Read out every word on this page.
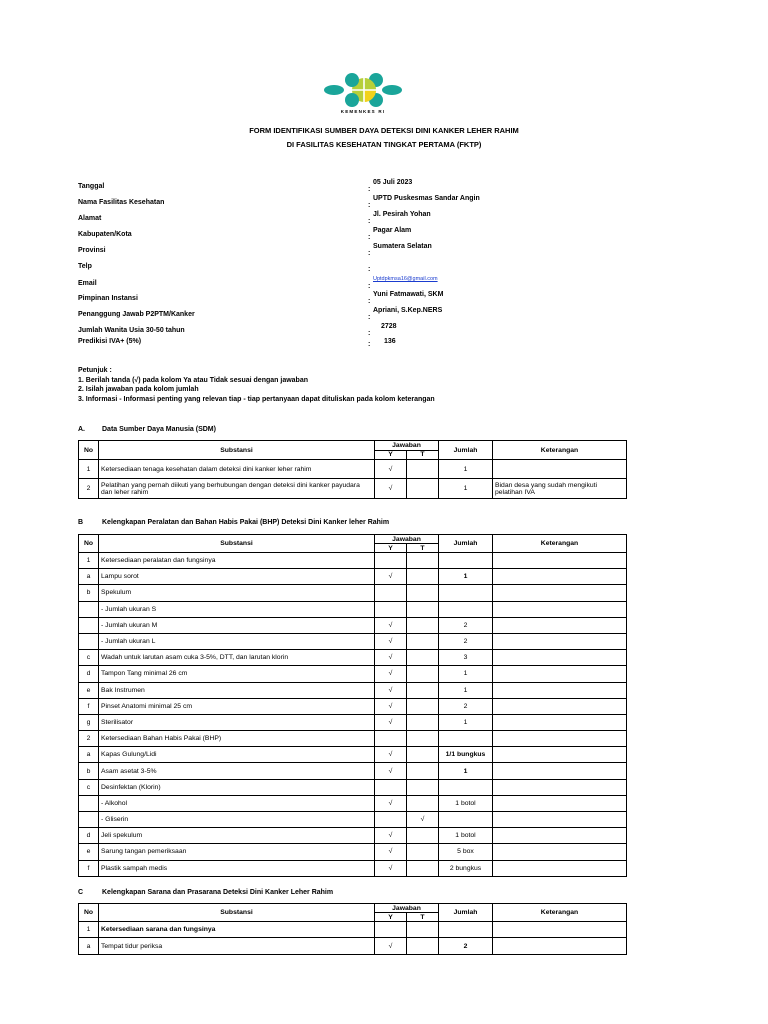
KEMENKES RI
FORM IDENTIFIKASI SUMBER DAYA DETEKSI DINI KANKER LEHER RAHIM
DI FASILITAS KESEHATAN TINGKAT PERTAMA (FKTP)
Tanggal	:
05 Juli 2023
Nama Fasilitas Kesehatan	:
UPTD Puskesmas Sandar Angin
Alamat	:
Jl. Pesirah Yohan
Kabupaten/Kota	:
Pagar Alam
Provinsi	:
Sumatera Selatan
Telp	:
Email	:
Uptdpkmsa16@gmail.com
Pimpinan Instansi	:
Yuni Fatmawati, SKM
Penanggung Jawab P2PTM/Kanker	:
Apriani, S.Kep.NERS
Jumlah Wanita Usia 30-50 tahun	:
2728
Predikisi IVA+ (5%)	: 136
Petunjuk :
1. Berilah tanda (√) pada kolom Ya atau Tidak sesuai dengan jawaban
2. Isilah jawaban pada kolom jumlah
3. Informasi - Informasi penting yang relevan tiap - tiap pertanyaan dapat dituliskan pada kolom keterangan
A. Data Sumber Daya Manusia (SDM)
No	Substansi	Jawaban		Jumlah	Keterangan
		Y	T		
1	Ketersediaan tenaga kesehatan dalam deteksi dini kanker leher rahim	√		1	
2	Pelatihan yang pernah diikuti yang berhubungan dengan deteksi dini kanker payudara dan leher rahim	√		1	Bidan desa yang sudah mengikuti pelatihan IVA
B	Kelengkapan Peralatan dan Bahan Habis Pakai (BHP) Deteksi Dini Kanker leher Rahim
No	Substansi	Jawaban		Jumlah	Keterangan
		Y	T		
1	Ketersediaan peralatan dan fungsinya				
a	Lampu sorot	√		1	
b	Spekulum				
	- Jumlah ukuran S				
	- Jumlah ukuran M	√		2	
	- Jumlah ukuran L	√		2	
c	Wadah untuk larutan asam cuka 3-5%, DTT, dan larutan klorin	√		3	
d	Tampon Tang minimal 26 cm	√		1	
e	Bak Instrumen	√		1	
f	Pinset Anatomi minimal 25 cm	√		2	
g	Sterilisator	√		1	
2	Ketersediaan Bahan Habis Pakai (BHP)				
a	Kapas Gulung/Lidi	√		1/1 bungkus	
b	Asam asetat 3-5%	√		1	
c	Desinfektan (Klorin)				
	- Alkohol	√		1 botol	
	- Gliserin		√		
d	Jeli spekulum	√		1 botol	
e	Sarung tangan pemeriksaan	√		5 box	
f	Plastik sampah medis	√		2 bungkus	
C	Kelengkapan Sarana dan Prasarana Deteksi Dini Kanker Leher Rahim
No	Substansi	Jawaban		Jumlah	Keterangan
		Y	T		
1	Ketersediaan sarana dan fungsinya				
a	Tempat tidur periksa	√		2	
